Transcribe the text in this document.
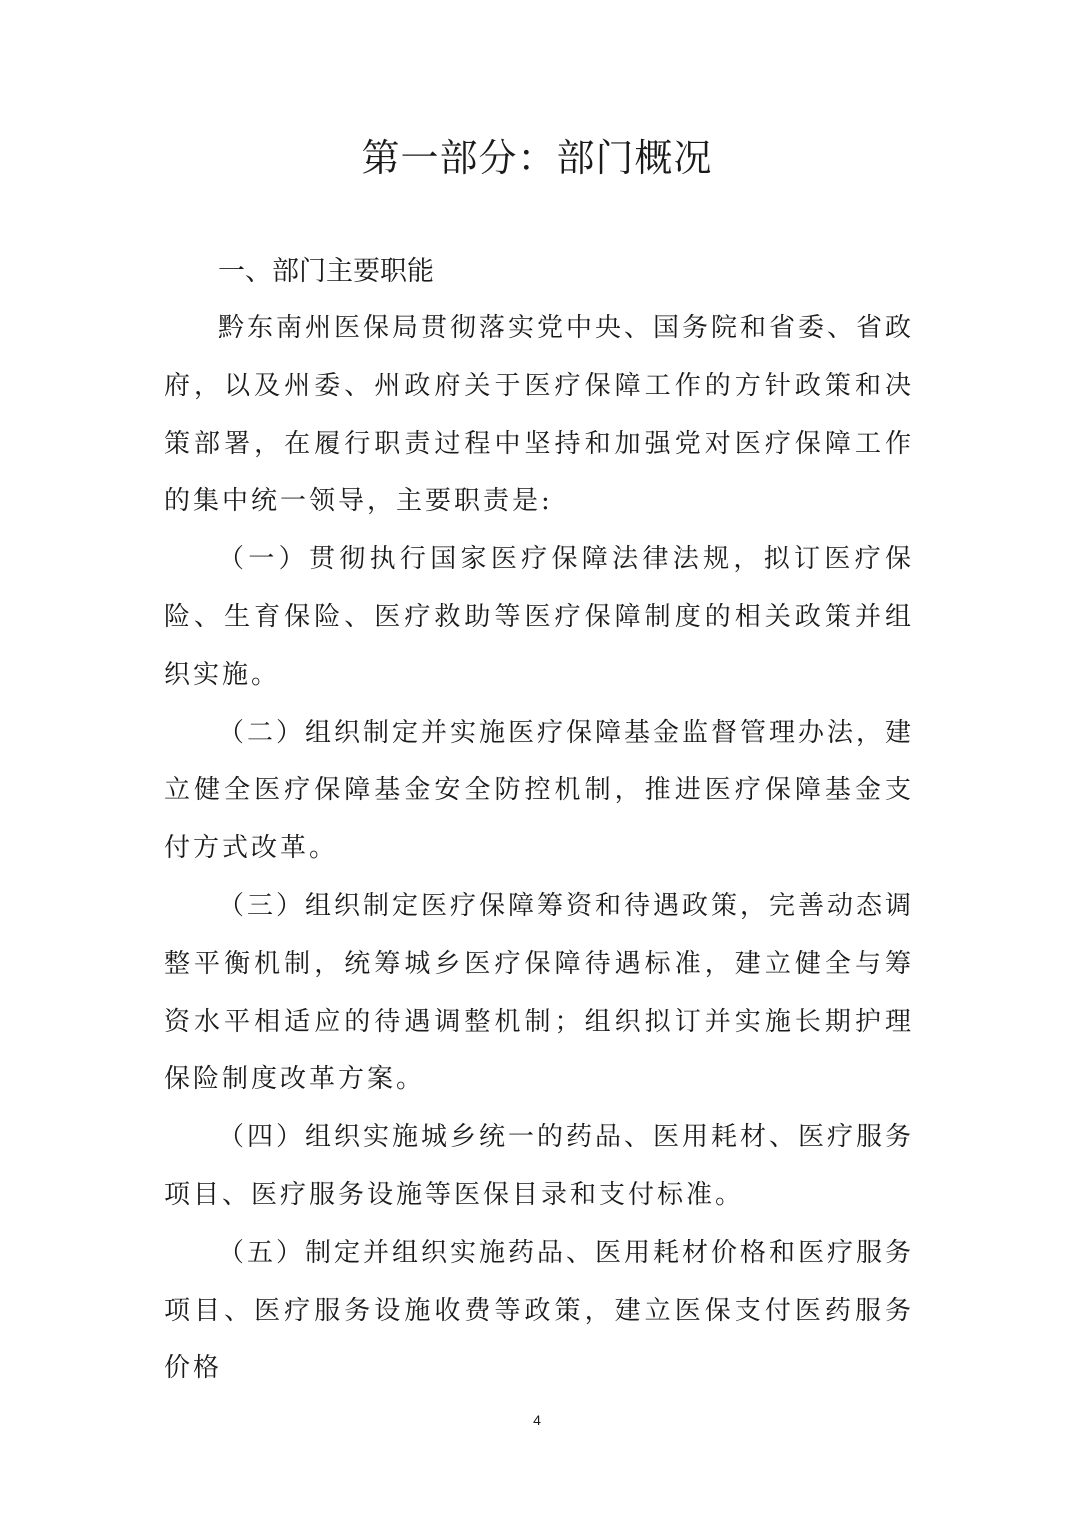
第一部分：部门概况
一、部门主要职能

黔东南州医保局贯彻落实党中央、国务院和省委、省政府，以及州委、州政府关于医疗保障工作的方针政策和决策部署，在履行职责过程中坚持和加强党对医疗保障工作的集中统一领导，主要职责是:

（一）贯彻执行国家医疗保障法律法规，拟订医疗保险、生育保险、医疗救助等医疗保障制度的相关政策并组织实施。

（二）组织制定并实施医疗保障基金监督管理办法，建立健全医疗保障基金安全防控机制，推进医疗保障基金支付方式改革。

（三）组织制定医疗保障筹资和待遇政策，完善动态调整平衡机制，统筹城乡医疗保障待遇标准，建立健全与筹资水平相适应的待遇调整机制；组织拟订并实施长期护理保险制度改革方案。

（四）组织实施城乡统一的药品、医用耗材、医疗服务项目、医疗服务设施等医保目录和支付标准。

（五）制定并组织实施药品、医用耗材价格和医疗服务项目、医疗服务设施收费等政策，建立医保支付医药服务价格

4
